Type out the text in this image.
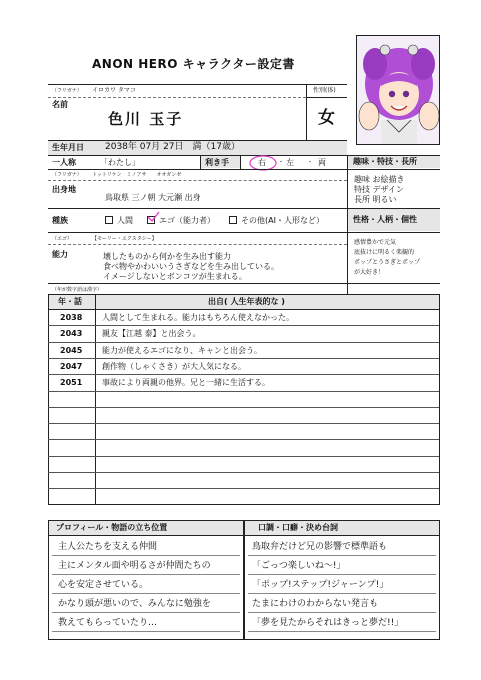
ANON HERO キャラクター設定書
（フリガナ） イロカワ タマコ	性別(体)
名前
色川 玉子	女
生年月日 2038年 07月 27日　満（17歳）
一人称	「わたし」	利き手	右	左	両
・	・	趣味・特技・長所
（フリガナ） トットリケン　ミノアサ　　オオガンゼ
出身地
鳥取県 三ノ朝 大元瀬 出身
趣味 お絵描き
特技 デザイン
長所 明るい
種族	人間	エゴ（能力者）	その他(AI・人形など）	性格・人柄・個性
（エゴ）	【モーリー・エクスタシー】
能力	壊したものから何かを生み出す能力
食べ物やかわいいうさぎなどを生み出している。
イメージしないとボンコツが生まれる。
感情豊かで元気
底抜けに明るく楽観的
ポップとうさぎとポップ
が大好き！
（年が数字語は漢字）
年・話	出自( 人生年表的な )
2038 人間として生まれる。能力はもちろん使えなかった。
2043 親友【江越 泰】と出会う。
2045 能力が使えるエゴになり、キャンと出会う。
2047 創作物（しゃくさき）が大人気になる。
2051 事故により両親の他界。兄と一緒に生活する。
プロフィール・物語の立ち位置	口調・口癖・決め台詞
主人公たちを支える仲間
主にメンタル面や明るさが仲間たちの
心を安定させている。
かなり頭が悪いので、みんなに勉強を
教えてもらっていたり…
鳥取弁だけど兄の影響で標準語も
「ごっつ楽しいね～!」
「ポップ!ステップ!ジャーンプ!」
たまにわけのわからない発言も
「夢を見たからそれはきっと夢だ!!」
